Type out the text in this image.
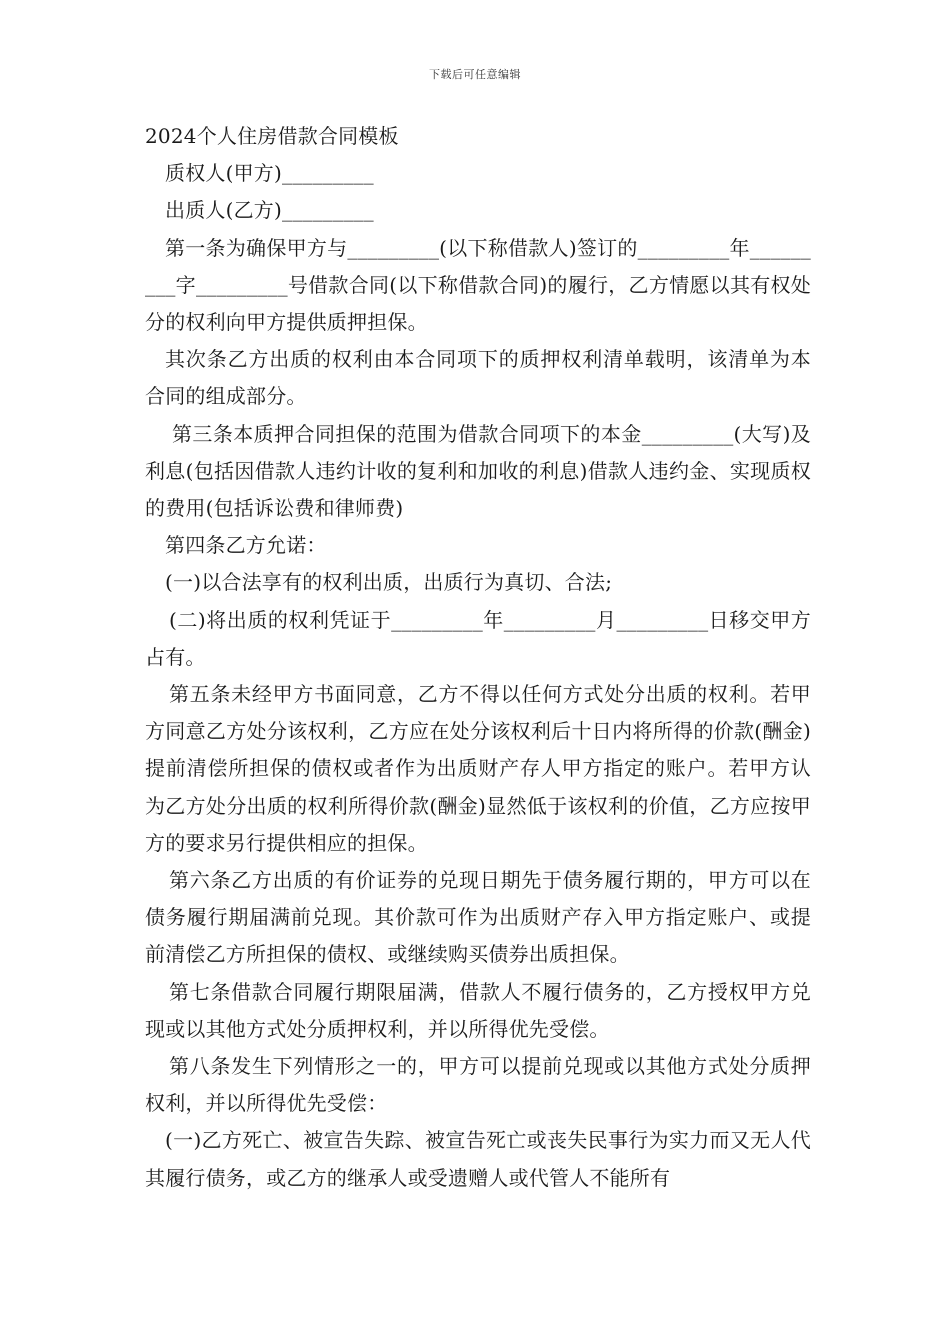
下载后可任意编辑

2024个人住房借款合同模板

质权人(甲方)_________

出质人(乙方)_________

第一条为确保甲方与_________(以下称借款人)签订的_________年_________字_________号借款合同(以下称借款合同)的履行，乙方情愿以其有权处分的权利向甲方提供质押担保。

其次条乙方出质的权利由本合同项下的质押权利清单载明，该清单为本合同的组成部分。

第三条本质押合同担保的范围为借款合同项下的本金_________(大写)及利息(包括因借款人违约计收的复利和加收的利息)借款人违约金、实现质权的费用(包括诉讼费和律师费)

第四条乙方允诺：

(一)以合法享有的权利出质，出质行为真切、合法;

(二)将出质的权利凭证于_________年_________月_________日移交甲方占有。

第五条未经甲方书面同意，乙方不得以任何方式处分出质的权利。若甲方同意乙方处分该权利，乙方应在处分该权利后十日内将所得的价款(酬金)提前清偿所担保的债权或者作为出质财产存人甲方指定的账户。若甲方认为乙方处分出质的权利所得价款(酬金)显然低于该权利的价值，乙方应按甲方的要求另行提供相应的担保。

第六条乙方出质的有价证券的兑现日期先于债务履行期的，甲方可以在债务履行期届满前兑现。其价款可作为出质财产存入甲方指定账户、或提前清偿乙方所担保的债权、或继续购买债券出质担保。

第七条借款合同履行期限届满，借款人不履行债务的，乙方授权甲方兑现或以其他方式处分质押权利，并以所得优先受偿。

第八条发生下列情形之一的，甲方可以提前兑现或以其他方式处分质押权利，并以所得优先受偿：

(一)乙方死亡、被宣告失踪、被宣告死亡或丧失民事行为实力而又无人代其履行债务，或乙方的继承人或受遗赠人或代管人不能所有
